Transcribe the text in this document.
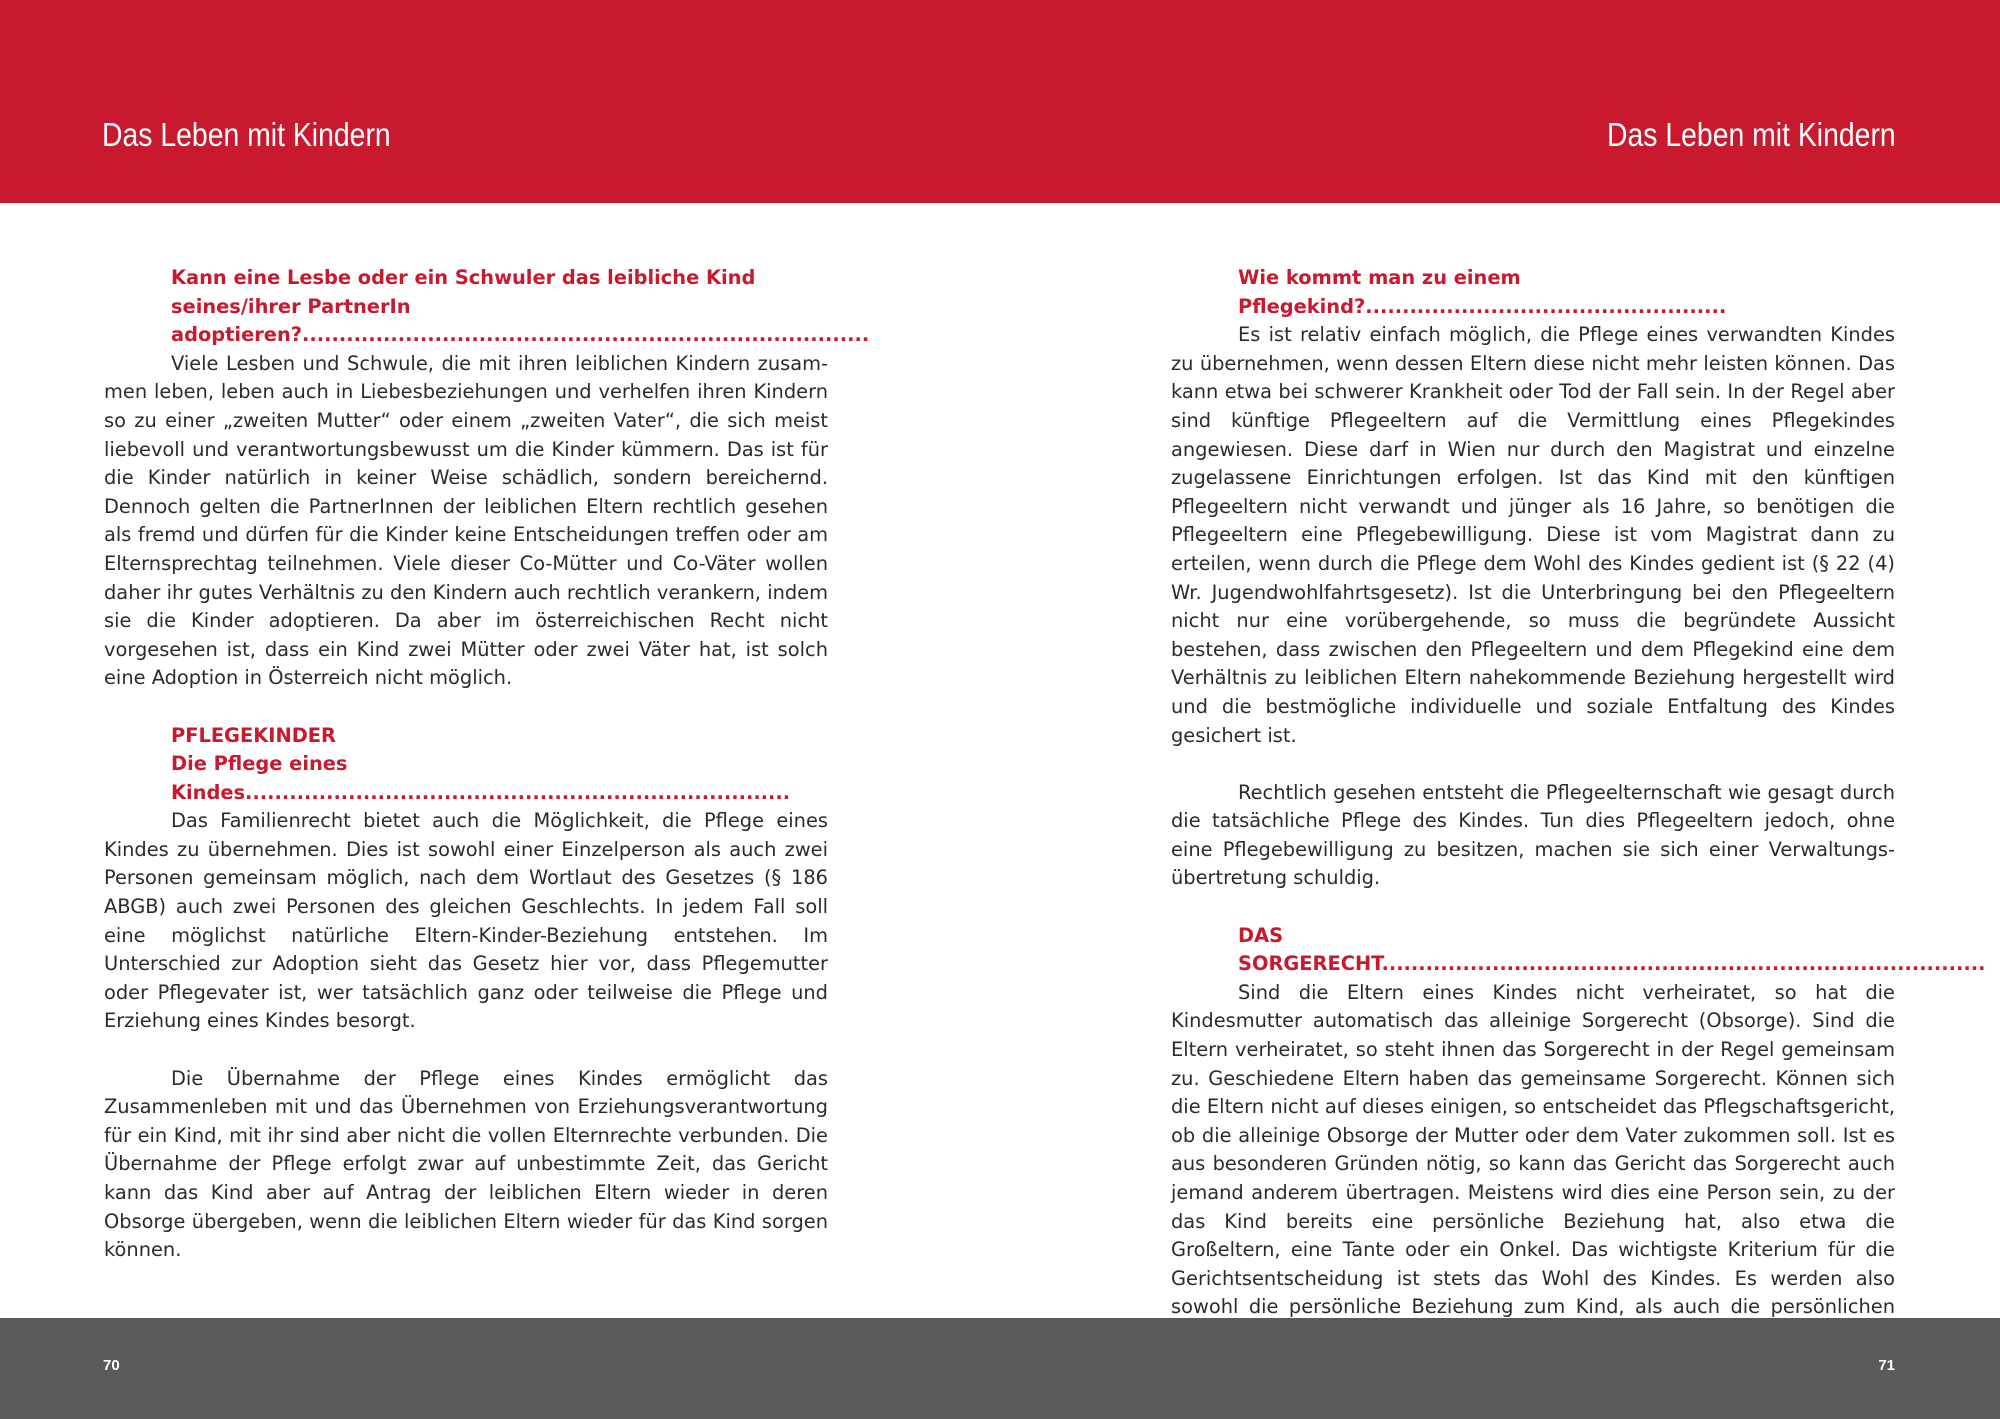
Das Leben mit Kindern	Das Leben mit Kindern

Kann eine Lesbe oder ein Schwuler das leibliche Kind seines/ihrer PartnerIn adoptieren?.............................................................................

Viele Lesben und Schwule, die mit ihren leiblichen Kindern zusammen leben, leben auch in Liebesbeziehungen und verhelfen ihren Kindern so zu einer „zweiten Mutter“ oder einem „zweiten Vater“, die sich meist liebevoll und verantwortungsbewusst um die Kinder kümmern. Das ist für die Kinder natürlich in keiner Weise schädlich, sondern bereichernd. Dennoch gelten die PartnerInnen der leiblichen Eltern rechtlich gesehen als fremd und dürfen für die Kinder keine Entscheidungen treffen oder am Elternsprechtag teilnehmen. Viele dieser Co-Mütter und Co-Väter wollen daher ihr gutes Verhältnis zu den Kindern auch rechtlich verankern, indem sie die Kinder adoptieren. Da aber im österreichischen Recht nicht vorgesehen ist, dass ein Kind zwei Mütter oder zwei Väter hat, ist solch eine Adoption in Österreich nicht möglich.

PFLEGEKINDER

Die Pflege eines Kindes..........................................................................

Das Familienrecht bietet auch die Möglichkeit, die Pflege eines Kindes zu übernehmen. Dies ist sowohl einer Einzelperson als auch zwei Personen gemeinsam möglich, nach dem Wortlaut des Gesetzes (§ 186 ABGB) auch zwei Personen des gleichen Geschlechts. In jedem Fall soll eine möglichst natürliche Eltern-Kinder-Beziehung entstehen. Im Unterschied zur Adoption sieht das Gesetz hier vor, dass Pflegemutter oder Pflegevater ist, wer tatsächlich ganz oder teilweise die Pflege und Erziehung eines Kindes besorgt.

Die Übernahme der Pflege eines Kindes ermöglicht das Zusammenleben mit und das Übernehmen von Erziehungsverantwortung für ein Kind, mit ihr sind aber nicht die vollen Elternrechte verbunden. Die Übernahme der Pflege erfolgt zwar auf unbestimmte Zeit, das Gericht kann das Kind aber auf Antrag der leiblichen Eltern wieder in deren Obsorge übergeben, wenn die leiblichen Eltern wieder für das Kind sorgen können.

Wie kommt man zu einem Pflegekind?.................................................

Es ist relativ einfach möglich, die Pflege eines verwandten Kindes zu übernehmen, wenn dessen Eltern diese nicht mehr leisten können. Das kann etwa bei schwerer Krankheit oder Tod der Fall sein. In der Regel aber sind künftige Pflegeeltern auf die Vermittlung eines Pflegekindes angewiesen. Diese darf in Wien nur durch den Magistrat und einzelne zugelassene Einrichtungen erfolgen. Ist das Kind mit den künftigen Pflegeeltern nicht verwandt und jünger als 16 Jahre, so benötigen die Pflegeeltern eine Pflegebewilligung. Diese ist vom Magistrat dann zu erteilen, wenn durch die Pflege dem Wohl des Kindes gedient ist (§ 22 (4) Wr. Jugendwohlfahrtsgesetz). Ist die Unterbringung bei den Pflegeeltern nicht nur eine vorübergehende, so muss die begründete Aussicht bestehen, dass zwischen den Pflegeeltern und dem Pflegekind eine dem Verhältnis zu leiblichen Eltern nahekommende Beziehung hergestellt wird und die bestmögliche individuelle und soziale Entfaltung des Kindes gesichert ist.

Rechtlich gesehen entsteht die Pflegeelternschaft wie gesagt durch die tatsächliche Pflege des Kindes. Tun dies Pflegeeltern jedoch, ohne eine Pflegebewilligung zu besitzen, machen sie sich einer Verwaltungsübertretung schuldig.

DAS SORGERECHT..................................................................................

Sind die Eltern eines Kindes nicht verheiratet, so hat die Kindesmutter automatisch das alleinige Sorgerecht (Obsorge). Sind die Eltern verheiratet, so steht ihnen das Sorgerecht in der Regel gemeinsam zu. Geschiedene Eltern haben das gemeinsame Sorgerecht. Können sich die Eltern nicht auf dieses einigen, so entscheidet das Pflegschaftsgericht, ob die alleinige Obsorge der Mutter oder dem Vater zukommen soll. Ist es aus besonderen Gründen nötig, so kann das Gericht das Sorgerecht auch jemand anderem übertragen. Meistens wird dies eine Person sein, zu der das Kind bereits eine persönliche Beziehung hat, also etwa die Großeltern, eine Tante oder ein Onkel. Das wichtigste Kriterium für die Gerichtsentscheidung ist stets das Wohl des Kindes. Es werden also sowohl die persönliche Beziehung zum Kind, als auch die persönlichen

70	71
